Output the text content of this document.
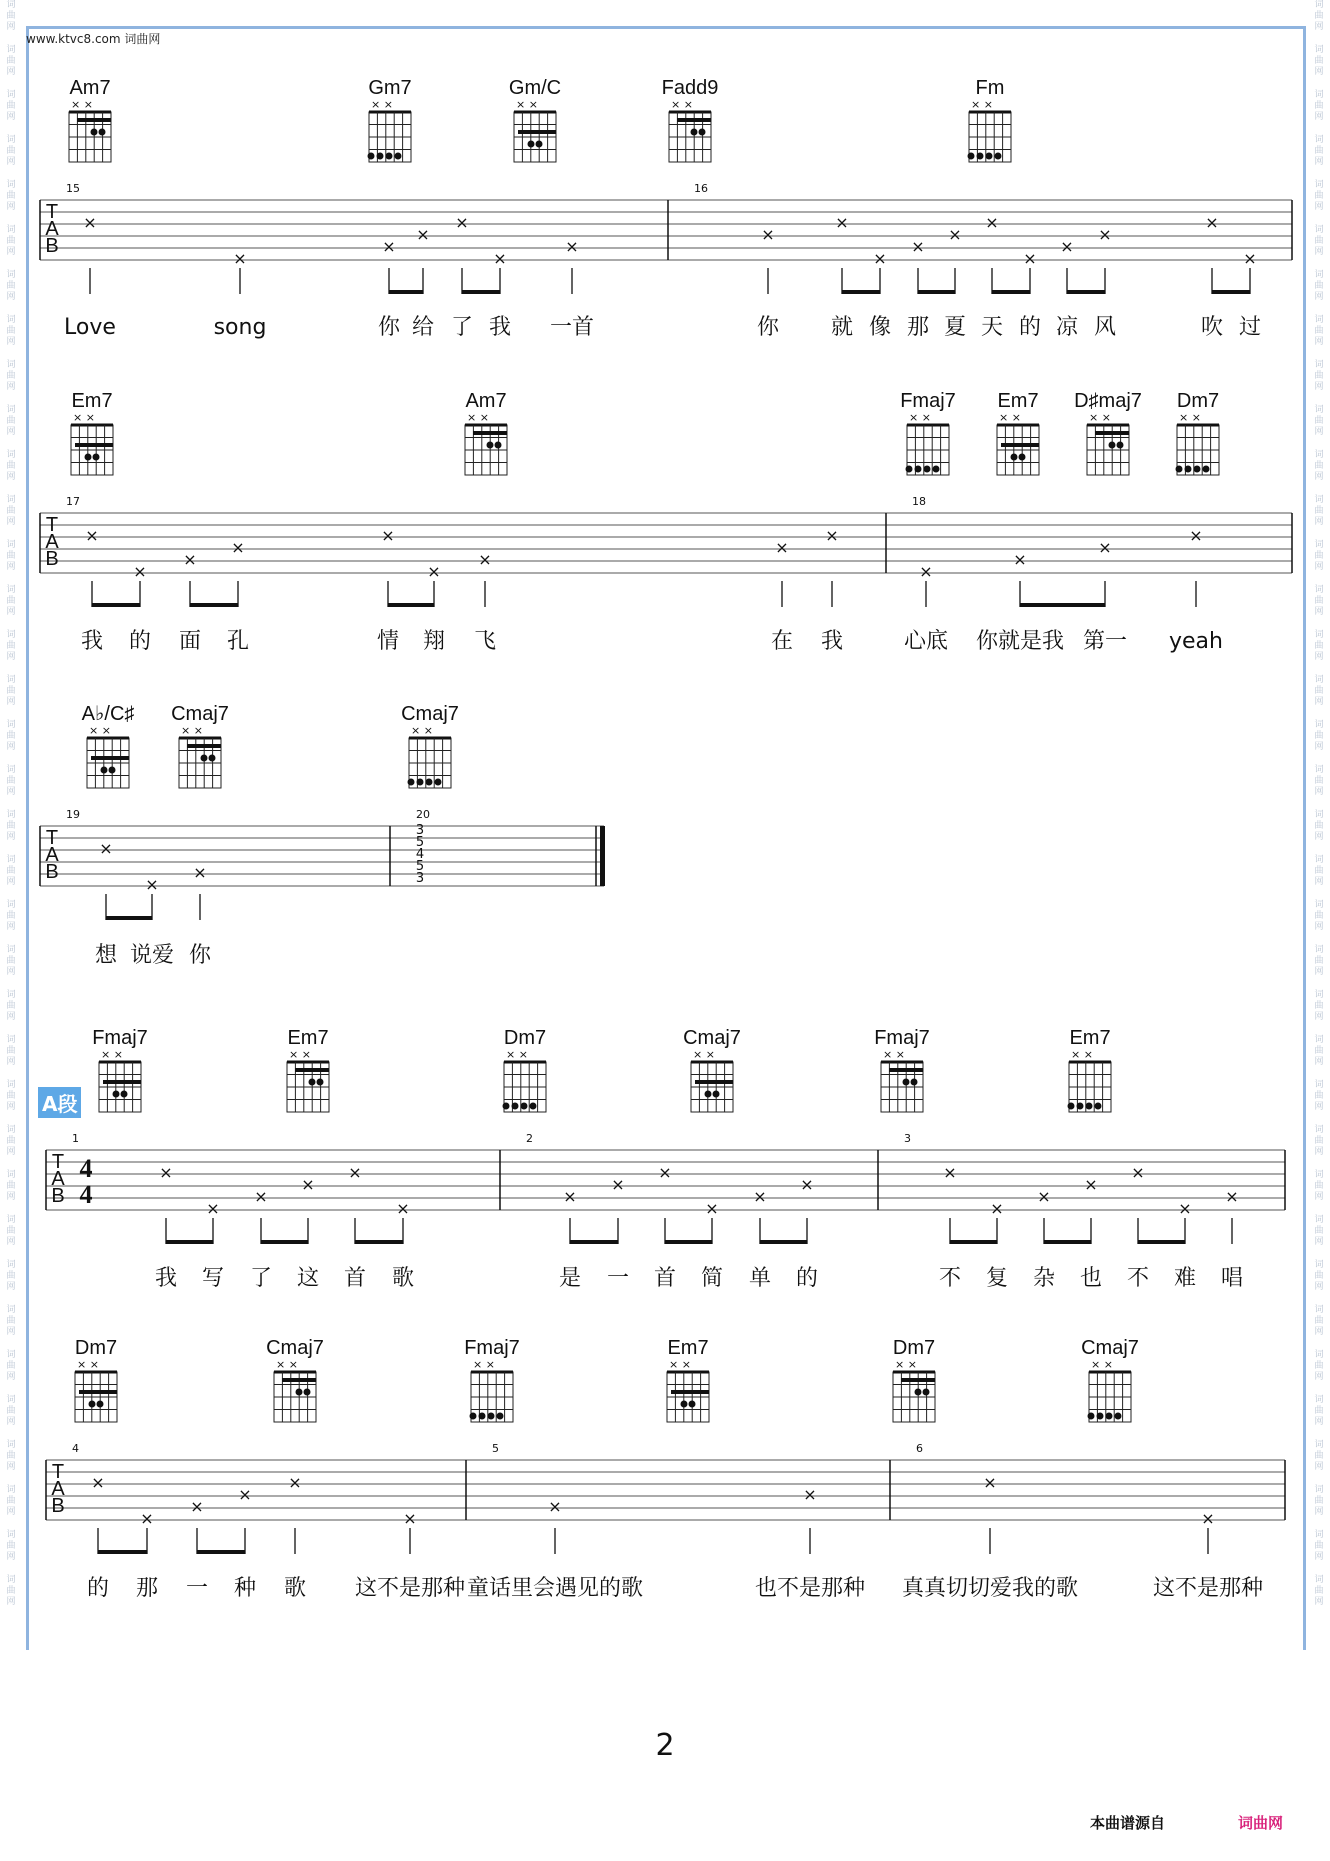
词
曲
网
词
曲
网
词
曲
网
词
曲
网
词
曲
网
词
曲
网
词
曲
网
词
曲
网
词
曲
网
词
曲
网
词
曲
网
词
曲
网
词
曲
网
词
曲
网
词
曲
网
词
曲
网
词
曲
网
词
曲
网
词
曲
网
词
曲
网
词
曲
网
词
曲
网
词
曲
网
词
曲
网
词
曲
网
词
曲
网
词
曲
网
词
曲
网
词
曲
网
词
曲
网
词
曲
网
词
曲
网
词
曲
网
词
曲
网
词
曲
网
词
曲
网
词
曲
网
词
曲
网
词
曲
网
词
曲
网
词
曲
网
词
曲
网
词
曲
网
词
曲
网
词
曲
网
词
曲
网
词
曲
网
词
曲
网
词
曲
网
词
曲
网
词
曲
网
词
曲
网
词
曲
网
词
曲
网
词
曲
网
词
曲
网
词
曲
网
词
曲
网
词
曲
网
词
曲
网
词
曲
网
词
曲
网
词
曲
网
词
曲
网
词
曲
网
词
曲
网
词
曲
网
词
曲
网
词
曲
网
词
曲
网
词
曲
网
词
曲
网
www.ktvc8.com 词曲网
A段
Am7
× ×
Gm7
× ×
Gm/C
× ×
Fadd9
× ×
Fm
× ×
T
A
B
15	16
×
×
×
×
×
×
×
×
×
×
×
×
×
×
×
×
×
×
Love	song	你 给 了 我 一首	你 就 像 那 夏 天 的 凉 风	吹 过
Em7
× ×
Am7
× ×
Fmaj7
× ×
Em7
× ×
D♯maj7
× ×
Dm7
× ×
T
A
B
17	18
×
×
×
×
×
×
×
×
×
×
×
×
×
我 的 面 孔	情 翔 飞	在 我	心底 你就是我 第一 yeah
A♭/C♯
× ×
Cmaj7
× ×
Cmaj7
× ×
T
A
B
19	20
×
×
×
3
5
4
5
3
想 说爱 你
Fmaj7
× ×
Em7
× ×
Dm7
× ×
Cmaj7
× ×
Fmaj7
× ×
Em7
× ×
T
A
B
4
4
1	2	3
×
×
×
×
×
×
×
×
×
×
×
×
×
×
×
×
×
×
×
我 写 了 这 首 歌	是 一 首 简 单 的	不 复 杂 也 不 难 唱
Dm7
× ×
Cmaj7
× ×
Fmaj7
× ×
Em7
× ×
Dm7
× ×
Cmaj7
× ×
T
A
B
4	5	6
×
×
×
×
×
×
×
×
×
×
的 那 一 种 歌 这不是那种 童话里会遇见的歌	也不是那种 真真切切爱我的歌	这不是那种
2
本曲谱源自	词曲网
